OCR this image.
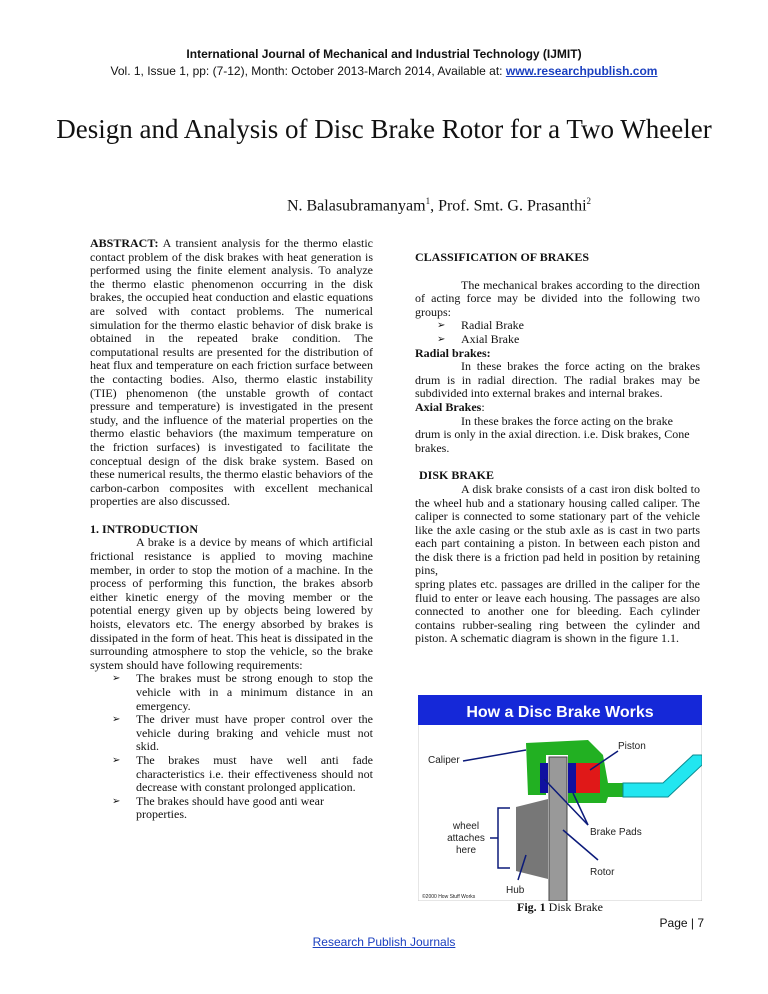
International Journal of Mechanical and Industrial Technology (IJMIT)
Vol. 1, Issue 1, pp: (7-12), Month: October 2013-March 2014, Available at: www.researchpublish.com
Design and Analysis of Disc Brake Rotor for a Two Wheeler
N. Balasubramanyam$^1$, Prof. Smt. G. Prasanthi$^2$

ABSTRACT: A transient analysis for the thermo elastic contact problem of the disk brakes with heat generation is performed using the finite element analysis. To analyze the thermo elastic phenomenon occurring in the disk brakes, the occupied heat conduction and elastic equations are solved with contact problems. The numerical simulation for the thermo elastic behavior of disk brake is obtained in the repeated brake condition. The computational results are presented for the distribution of heat flux and temperature on each friction surface between the contacting bodies. Also, thermo elastic instability (TIE) phenomenon (the unstable growth of contact pressure and temperature) is investigated in the present study, and the influence of the material properties on the thermo elastic behaviors (the maximum temperature on the friction surfaces) is investigated to facilitate the conceptual design of the disk brake system. Based on these numerical results, the thermo elastic behaviors of the carbon-carbon composites with excellent mechanical properties are also discussed.

1. INTRODUCTION

A brake is a device by means of which artificial frictional resistance is applied to moving machine member, in order to stop the motion of a machine. In the process of performing this function, the brakes absorb either kinetic energy of the moving member or the potential energy given up by objects being lowered by hoists, elevators etc. The energy absorbed by brakes is dissipated in the form of heat. This heat is dissipated in the surrounding atmosphere to stop the vehicle, so the brake system should have following requirements:

➢ The brakes must be strong enough to stop the vehicle with in a minimum distance in an emergency.
➢ The driver must have proper control over the vehicle during braking and vehicle must not skid.
➢ The brakes must have well anti fade characteristics i.e. their effectiveness should not decrease with constant prolonged application.
➢ The brakes should have good anti wear properties.

CLASSIFICATION OF BRAKES

The mechanical brakes according to the direction of acting force may be divided into the following two groups:

➢ Radial Brake
➢ Axial Brake

Radial brakes:

In these brakes the force acting on the brakes drum is in radial direction. The radial brakes may be subdivided into external brakes and internal brakes.

Axial Brakes:

In these brakes the force acting on the brake drum is only in the axial direction. i.e. Disk brakes, Cone brakes.

DISK BRAKE

A disk brake consists of a cast iron disk bolted to the wheel hub and a stationary housing called caliper. The caliper is connected to some stationary part of the vehicle like the axle casing or the stub axle as is cast in two parts each part containing a piston. In between each piston and the disk there is a friction pad held in position by retaining pins,

spring plates etc. passages are drilled in the caliper for the fluid to enter or leave each housing. The passages are also connected to another one for bleeding. Each cylinder contains rubber-sealing ring between the cylinder and piston. A schematic diagram is shown in the figure 1.1.

How a Disc Brake Works
Caliper
Piston
wheel
attaches
here
Brake Pads
Rotor
Hub
©2000 How Stuff Works
Fig. 1 Disk Brake
Page | 7
Research Publish Journals
